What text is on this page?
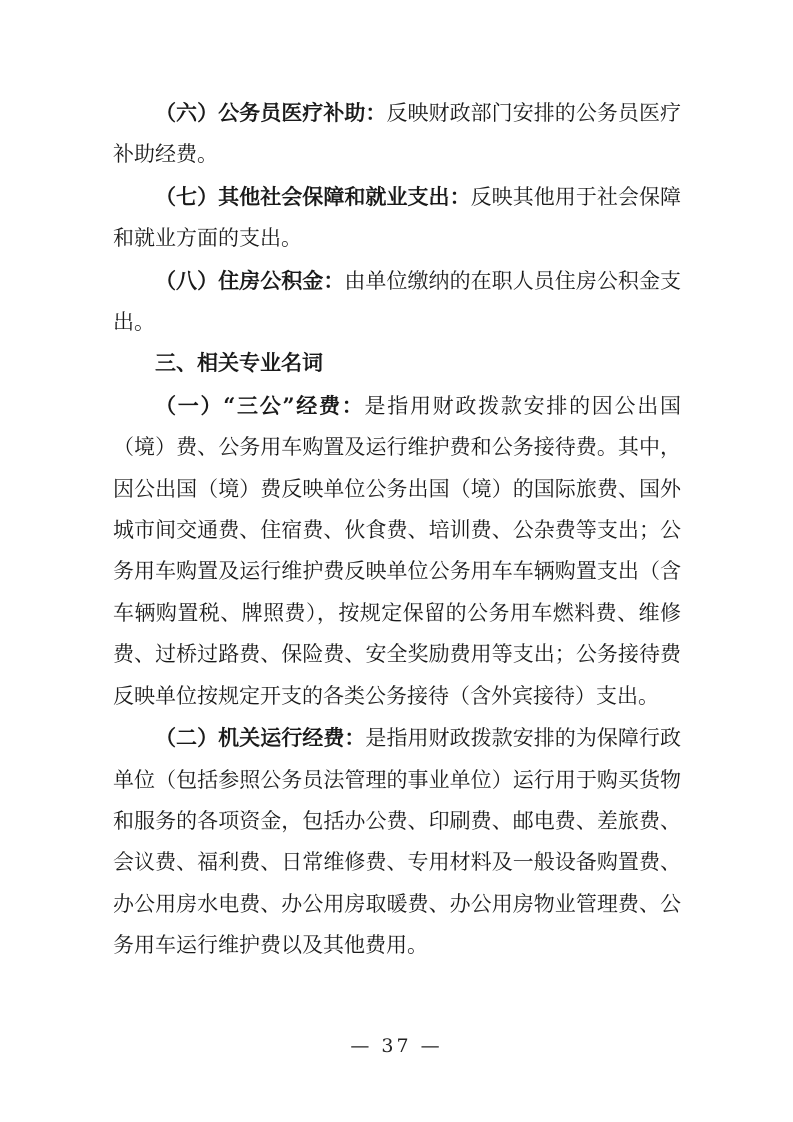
（六）公务员医疗补助：反映财政部门安排的公务员医疗补助经费。

（七）其他社会保障和就业支出：反映其他用于社会保障和就业方面的支出。

（八）住房公积金：由单位缴纳的在职人员住房公积金支出。

三、相关专业名词

（一）“三公”经费：是指用财政拨款安排的因公出国（境）费、公务用车购置及运行维护费和公务接待费。其中，因公出国（境）费反映单位公务出国（境）的国际旅费、国外城市间交通费、住宿费、伙食费、培训费、公杂费等支出；公务用车购置及运行维护费反映单位公务用车车辆购置支出（含车辆购置税、牌照费），按规定保留的公务用车燃料费、维修费、过桥过路费、保险费、安全奖励费用等支出；公务接待费反映单位按规定开支的各类公务接待（含外宾接待）支出。

（二）机关运行经费：是指用财政拨款安排的为保障行政单位（包括参照公务员法管理的事业单位）运行用于购买货物和服务的各项资金，包括办公费、印刷费、邮电费、差旅费、会议费、福利费、日常维修费、专用材料及一般设备购置费、办公用房水电费、办公用房取暖费、办公用房物业管理费、公务用车运行维护费以及其他费用。

— 37 —
